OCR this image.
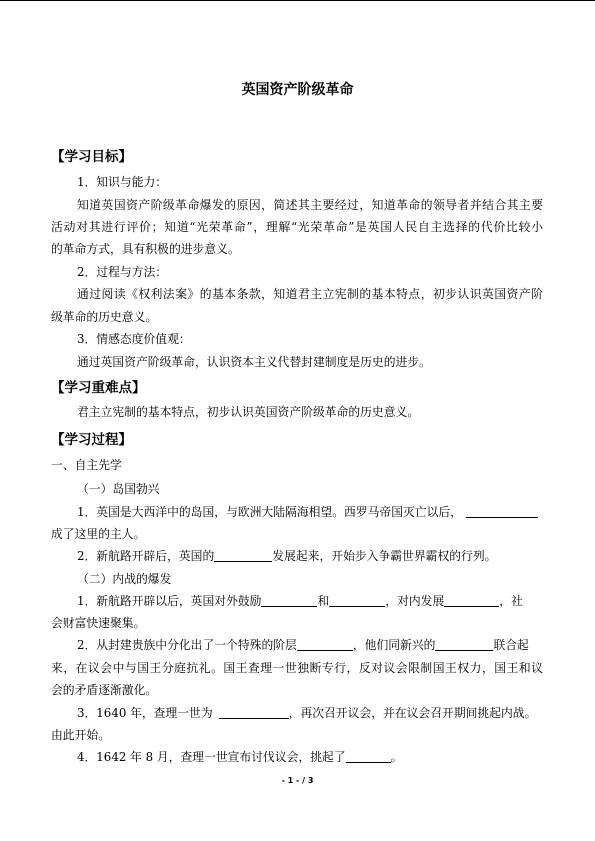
英国资产阶级革命
【学习目标】
1．知识与能力：
知道英国资产阶级革命爆发的原因，简述其主要经过，知道革命的领导者并结合其主要
活动对其进行评价；知道“光荣革命”，理解“光荣革命”是英国人民自主选择的代价比较小
的革命方式，具有积极的进步意义。
2．过程与方法：
通过阅读《权利法案》的基本条款，知道君主立宪制的基本特点，初步认识英国资产阶
级革命的历史意义。
3．情感态度价值观：
通过英国资产阶级革命，认识资本主义代替封建制度是历史的进步。
【学习重难点】
君主立宪制的基本特点，初步认识英国资产阶级革命的历史意义。
【学习过程】
一、自主先学
（一）岛国勃兴
1．英国是大西洋中的岛国，与欧洲大陆隔海相望。西罗马帝国灭亡以后，
成了这里的主人。
2．新航路开辟后，英国的	发展起来，开始步入争霸世界霸权的行列。
（二）内战的爆发
1．新航路开辟以后，英国对外鼓励	和	，对内发展	，社
会财富快速聚集。
2．从封建贵族中分化出了一个特殊的阶层	，他们同新兴的	联合起
来，在议会中与国王分庭抗礼。国王查理一世独断专行，反对议会限制国王权力，国王和议
会的矛盾逐渐激化。
3．1640 年，查理一世为	，再次召开议会，并在议会召开期间挑起内战。
由此开始。
4．1642 年 8 月，查理一世宣布讨伐议会，挑起了	。
- 1 - / 3
